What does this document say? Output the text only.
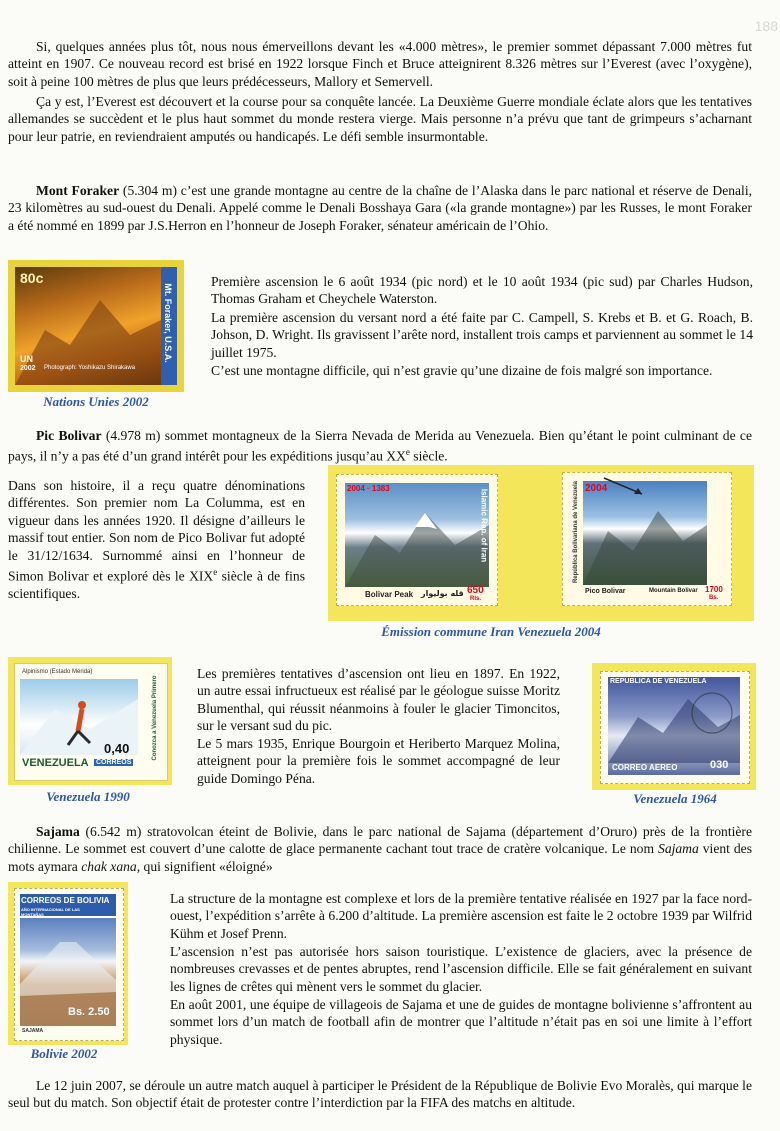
188

Si, quelques années plus tôt, nous nous émerveillons devant les «4.000 mètres», le premier sommet dépassant 7.000 mètres fut atteint en 1907. Ce nouveau record est brisé en 1922 lorsque Finch et Bruce atteignirent 8.326 mètres sur l’Everest (avec l’oxygène), soit à peine 100 mètres de plus que leurs prédécesseurs, Mallory et Semervell.

Ça y est, l’Everest est découvert et la course pour sa conquête lancée. La Deuxième Guerre mondiale éclate alors que les tentatives allemandes se succèdent et le plus haut sommet du monde restera vierge. Mais personne n’a prévu que tant de grimpeurs s’acharnant pour leur patrie, en reviendraient amputés ou handicapés. Le défi semble insurmontable.

Mont Foraker (5.304 m) c’est une grande montagne au centre de la chaîne de l’Alaska dans le parc national et réserve de Denali, 23 kilomètres au sud-ouest du Denali. Appelé comme le Denali Bosshaya Gara («la grande montagne») par les Russes, le mont Foraker a été nommé en 1899 par J.S.Herron en l’honneur de Joseph Foraker, sénateur américain de l’Ohio.

80c
UN
2002 Photograph: Yoshikazu Shirakawa
Mt. Foraker, U.S.A.
Nations Unies 2002

Première ascension le 6 août 1934 (pic nord) et le 10 août 1934 (pic sud) par Charles Hudson, Thomas Graham et Cheychele Waterston.

La première ascension du versant nord a été faite par C. Campell, S. Krebs et B. et G. Roach, B. Johson, D. Wright. Ils gravissent l’arête nord, installent trois camps et parviennent au sommet le 14 juillet 1975.

C’est une montagne difficile, qui n’est gravie qu’une dizaine de fois malgré son importance.

Pic Bolivar (4.978 m) sommet montagneux de la Sierra Nevada de Merida au Venezuela. Bien qu’étant le point culminant de ce pays, il n’y a pas été d’un grand intérêt pour les expéditions jusqu’au XXe siècle.

Dans son histoire, il a reçu quatre dénominations différentes. Son premier nom La Columma, est en vigueur dans les années 1920. Il désigne d’ailleurs le massif tout entier. Son nom de Pico Bolivar fut adopté le 31/12/1634. Surnommé ainsi en l’honneur de Simon Bolivar et exploré dès le XIXe siècle à de fins scientifiques.

2004 · 1383
Bolivar Peak قله بولیوار
Islamic Rep. of Iran
650
Rls.
2004
República Bolivariana de Venezuela
Pico Bolivar	Mountain Bolivar 1700
Bs.
Émission commune Iran Venezuela 2004
Alpinismo (Estado Mérida)
0,40
VENEZUELA CORREOS
Conozca a Venezuela Primero
Venezuela 1990

Les premières tentatives d’ascension ont lieu en 1897. En 1922, un autre essai infructueux est réalisé par le géologue suisse Moritz Blumenthal, qui réussit néanmoins à fouler le glacier Timoncitos, sur le versant sud du pic.

Le 5 mars 1935, Enrique Bourgoin et Heriberto Marquez Molina, atteignent pour la première fois le sommet accompagné de leur guide Domingo Péna.

REPUBLICA DE VENEZUELA
CORREO AEREO	030
Venezuela 1964

Sajama (6.542 m) stratovolcan éteint de Bolivie, dans le parc national de Sajama (département d’Oruro) près de la frontière chilienne. Le sommet est couvert d’une calotte de glace permanente cachant tout trace de cratère volcanique. Le nom Sajama vient des mots aymara chak xana, qui signifient «éloigné»

CORREOS DE BOLIVIA
AÑO INTERNACIONAL DE LAS MONTAÑAS
Bs. 2.50
SAJAMA
Bolivie 2002

La structure de la montagne est complexe et lors de la première tentative réalisée en 1927 par la face nord-ouest, l’expédition s’arrête à 6.200 d’altitude. La première ascension est faite le 2 octobre 1939 par Wilfrid Kühm et Josef Prenn.

L’ascension n’est pas autorisée hors saison touristique. L’existence de glaciers, avec la présence de nombreuses crevasses et de pentes abruptes, rend l’ascension difficile. Elle se fait généralement en suivant les lignes de crêtes qui mènent vers le sommet du glacier.

En août 2001, une équipe de villageois de Sajama et une de guides de montagne bolivienne s’affrontent au sommet lors d’un match de football afin de montrer que l’altitude n’était pas en soi une limite à l’effort physique.

Le 12 juin 2007, se déroule un autre match auquel à participer le Président de la République de Bolivie Evo Moralès, qui marque le seul but du match. Son objectif était de protester contre l’interdiction par la FIFA des matchs en altitude.
